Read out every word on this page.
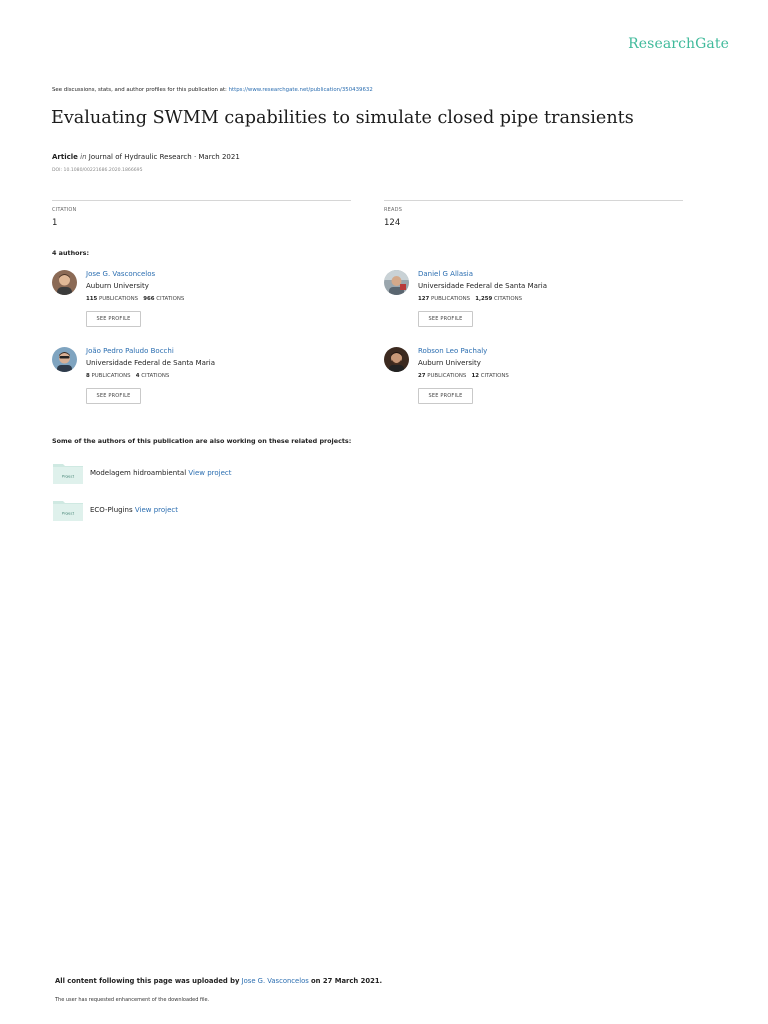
ResearchGate
See discussions, stats, and author profiles for this publication at: https://www.researchgate.net/publication/350439632
Evaluating SWMM capabilities to simulate closed pipe transients
Article in Journal of Hydraulic Research · March 2021
DOI: 10.1080/00221686.2020.1866695
CITATION
1
READS
124
4 authors:
Jose G. Vasconcelos
Auburn University
115 PUBLICATIONS 966 CITATIONS
SEE PROFILE
Daniel G Allasia
Universidade Federal de Santa Maria
127 PUBLICATIONS 1,259 CITATIONS
SEE PROFILE
João Pedro Paludo Bocchi
Universidade Federal de Santa Maria
8 PUBLICATIONS 4 CITATIONS
SEE PROFILE
Robson Leo Pachaly
Auburn University
27 PUBLICATIONS 12 CITATIONS
SEE PROFILE
Some of the authors of this publication are also working on these related projects:
Project Modelagem hidroambiental View project
Project ECO-Plugins View project
All content following this page was uploaded by Jose G. Vasconcelos on 27 March 2021.
The user has requested enhancement of the downloaded file.
